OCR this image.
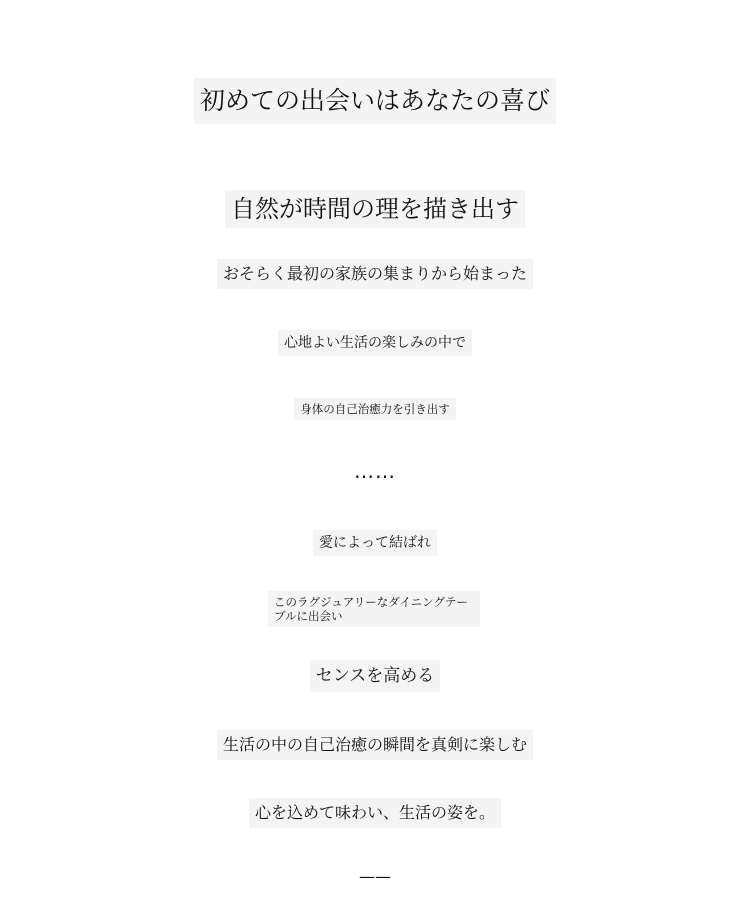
初めての出会いはあなたの喜び
自然が時間の理を描き出す
おそらく最初の家族の集まりから始まった
心地よい生活の楽しみの中で
身体の自己治癒力を引き出す
……
愛によって結ばれ
このラグジュアリーなダイニングテーブルに出会い
センスを高める
生活の中の自己治癒の瞬間を真剣に楽しむ
心を込めて味わい、生活の姿を。
——
